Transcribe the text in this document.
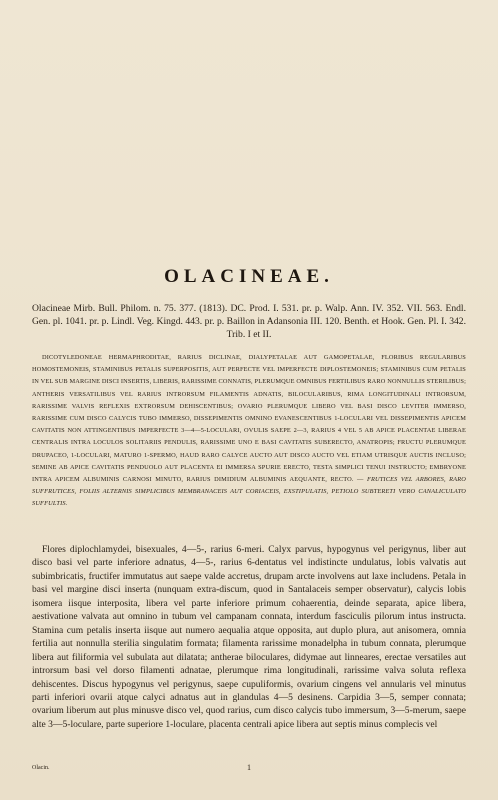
OLACINEAE.
Olacineae Mirb. Bull. Philom. n. 75. 377. (1813). DC. Prod. I. 531. pr. p. Walp. Ann. IV. 352. VII. 563. Endl. Gen. pl. 1041. pr. p. Lindl. Veg. Kingd. 443. pr. p. Baillon in Adansonia III. 120. Benth. et Hook. Gen. Pl. I. 342. Trib. I et II.
DICOTYLEDONEAE HERMAPHRODITAE, RARIUS DICLINAE, DIALYPETALAE AUT GAMOPETALAE, FLORIBUS REGULARIBUS HOMOSTEMONEIS, STAMINIBUS PETALIS SUPERPOSITIS, AUT PERFECTE VEL IMPERFECTE DIPLOSTEMONEIS; STAMINIBUS CUM PETALIS IN VEL SUB MARGINE DISCI INSERTIS, LIBERIS, RARISSIME CONNATIS, PLERUMQUE OMNIBUS FERTILIBUS RARO NONNULLIS STERILIBUS; ANTHERIS VERSATILIBUS VEL RARIUS INTRORSUM FILAMENTIS ADNATIS, BILOCULARIBUS, RIMA LONGITUDINALI INTRORSUM, RARISSIME VALVIS REFLEXIS EXTRORSUM DEHISCENTIBUS; OVARIO PLERUMQUE LIBERO VEL BASI DISCO LEVITER IMMERSO, RARISSIME CUM DISCO CALYCIS TUBO IMMERSO, DISSEPIMENTIS OMNINO EVANESCENTIBUS 1-LOCULARI VEL DISSEPIMENTIS APICEM CAVITATIS NON ATTINGENTIBUS IMPERFECTE 3—4—5-LOCULARI, OVULIS SAEPE 2—3, RARIUS 4 VEL 5 AB APICE PLACENTAE LIBERAE CENTRALIS INTRA LOCULOS SOLITARIIS PENDULIS, RARISSIME UNO E BASI CAVITATIS SUBERECTO, ANATROPIS; FRUCTU PLERUMQUE DRUPACEO, 1-LOCULARI, MATURO 1-SPERMO, HAUD RARO CALYCE AUCTO AUT DISCO AUCTO VEL ETIAM UTRISQUE AUCTIS INCLUSO; SEMINE AB APICE CAVITATIS PENDUOLO AUT PLACENTA EI IMMERSA SPURIE ERECTO, TESTA SIMPLICI TENUI INSTRUCTO; EMBRYONE INTRA APICEM ALBUMINIS CARNOSI MINUTO, RARIUS DIMIDIUM ALBUMINIS AEQUANTE, RECTO. — FRUTICES VEL ARBORES, RARO SUFFRUTICES, FOLIIS ALTERNIS SIMPLICIBUS MEMBRANACEIS AUT CORIACEIS, EXSTIPULATIS, PETIOLO SUBTERETI VERO CANALICULATO SUFFULTIS.
Flores diplochlamydei, bisexuales, 4—5-, rarius 6-meri. Calyx parvus, hypogynus vel perigynus, liber aut disco basi vel parte inferiore adnatus, 4—5-, rarius 6-dentatus vel indistincte undulatus, lobis valvatis aut subimbricatis, fructifer immutatus aut saepe valde accretus, drupam arcte involvens aut laxe includens. Petala in basi vel margine disci inserta (nunquam extra-discum, quod in Santalaceis semper observatur), calycis lobis isomera iisque interposita, libera vel parte inferiore primum cohaerentia, deinde separata, apice libera, aestivatione valvata aut omnino in tubum vel campanam connata, interdum fasciculis pilorum intus instructa. Stamina cum petalis inserta iisque aut numero aequalia atque opposita, aut duplo plura, aut anisomera, omnia fertilia aut nonnulla sterilia singulatim formata; filamenta rarissime monadelpha in tubum connata, plerumque libera aut filiformia vel subulata aut dilatata; antherae biloculares, didymae aut linneares, erectae versatiles aut introrsum basi vel dorso filamenti adnatae, plerumque rima longitudinali, rarissime valva soluta reflexa dehiscentes. Discus hypogynus vel perigynus, saepe cupuliformis, ovarium cingens vel annularis vel minutus parti inferiori ovarii atque calyci adnatus aut in glandulas 4—5 desinens. Carpidia 3—5, semper connata; ovarium liberum aut plus minusve disco vel, quod rarius, cum disco calycis tubo immersum, 3—5-merum, saepe alte 3—5-loculare, parte superiore 1-loculare, placenta centrali apice libera aut septis minus complecis vel
Olacin.	1
